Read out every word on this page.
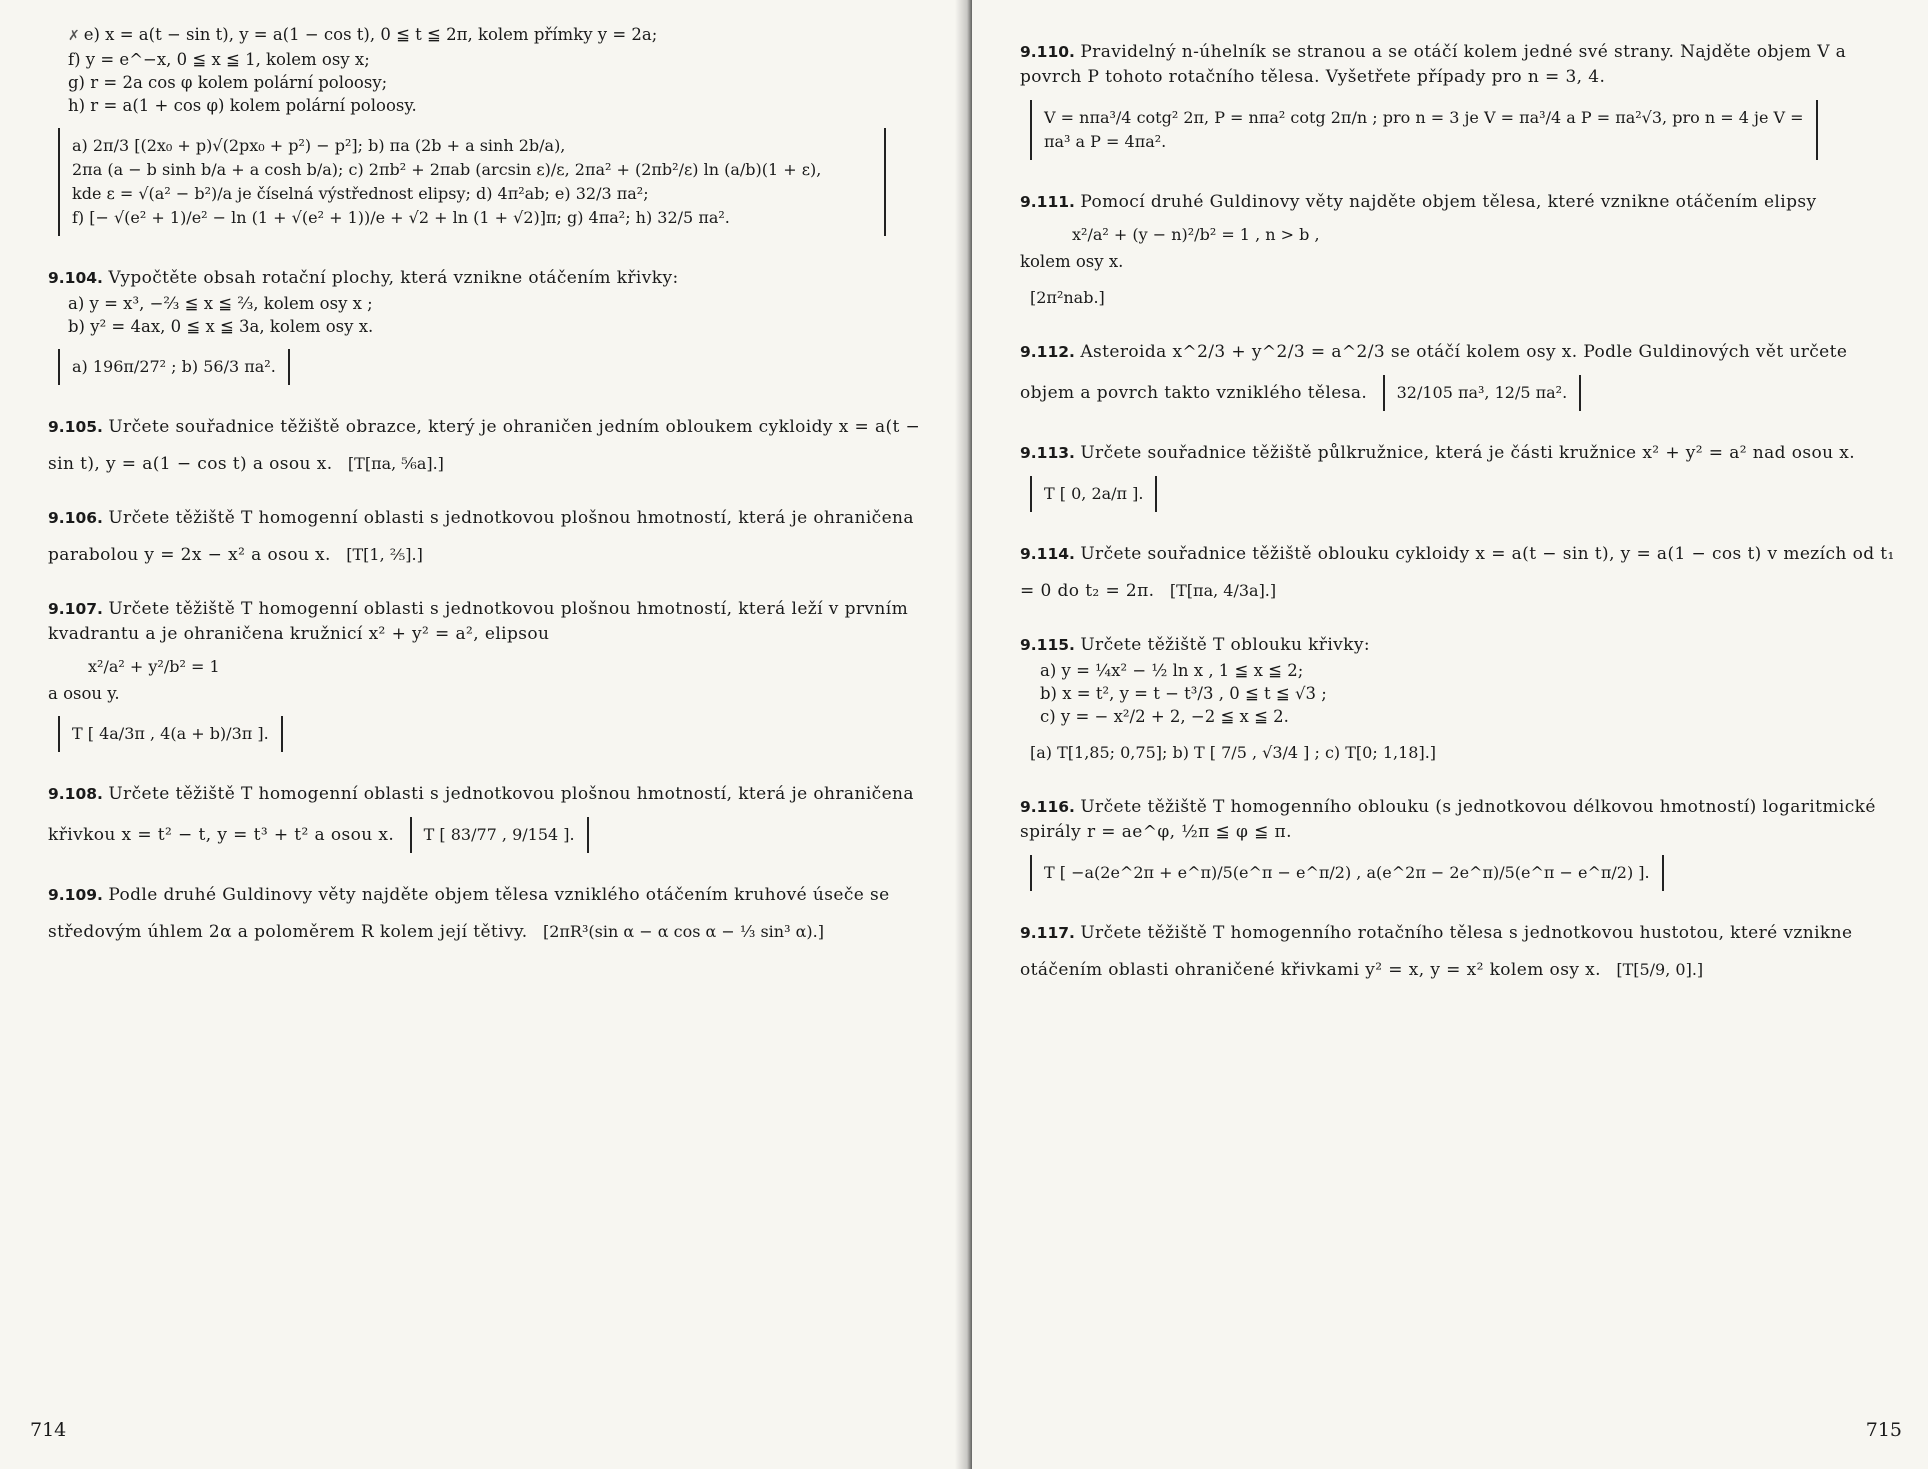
✗ e) x = a(t − sin t), y = a(1 − cos t), 0 ≦ t ≦ 2π, kolem přímky y = 2a;
f) y = e^−x, 0 ≦ x ≦ 1, kolem osy x;
g) r = 2a cos φ kolem polární poloosy;
h) r = a(1 + cos φ) kolem polární poloosy.
a) 2π/3 [(2x₀ + p)√(2px₀ + p²) − p²]; b) πa (2b + a sinh 2b/a),
2πa (a − b sinh b/a + a cosh b/a); c) 2πb² + 2πab (arcsin ε)/ε, 2πa² + (2πb²/ε) ln (a/b)(1 + ε),
kde ε = √(a² − b²)/a je číselná výstřednost elipsy; d) 4π²ab; e) 32/3 πa²;
f) [− √(e² + 1)/e² − ln (1 + √(e² + 1))/e + √2 + ln (1 + √2)]π; g) 4πa²; h) 32/5 πa².
9.104. Vypočtěte obsah rotační plochy, která vznikne otáčením křivky:
a) y = x³, −⅔ ≦ x ≦ ⅔, kolem osy x ;
b) y² = 4ax, 0 ≦ x ≦ 3a, kolem osy x.
a) 196π/27² ; b) 56/3 πa².
9.105. Určete souřadnice těžiště obrazce, který je ohraničen jedním obloukem cykloidy x = a(t − sin t), y = a(1 − cos t) a osou x. [T[πa, ⅚a].]
9.106. Určete těžiště T homogenní oblasti s jednotkovou plošnou hmotností, která je ohraničena parabolou y = 2x − x² a osou x. [T[1, ⅖].]
9.107. Určete těžiště T homogenní oblasti s jednotkovou plošnou hmotností, která leží v prvním kvadrantu a je ohraničena kružnicí x² + y² = a², elipsou
x²/a² + y²/b² = 1
a osou y.
T [ 4a/3π , 4(a + b)/3π ].
9.108. Určete těžiště T homogenní oblasti s jednotkovou plošnou hmotností, která je ohraničena křivkou x = t² − t, y = t³ + t² a osou x. T [ 83/77 , 9/154 ].
9.109. Podle druhé Guldinovy věty najděte objem tělesa vzniklého otáčením kruhové úseče se středovým úhlem 2α a poloměrem R kolem její tětivy. [2πR³(sin α − α cos α − ⅓ sin³ α).]
714
9.110. Pravidelný n-úhelník se stranou a se otáčí kolem jedné své strany. Najděte objem V a povrch P tohoto rotačního tělesa. Vyšetřete případy pro n = 3, 4. V = nπa³/4 cotg² 2π, P = nπa² cotg 2π/n ; pro n = 3 je V = πa³/4 a P = πa²√3, pro n = 4 je V = πa³ a P = 4πa².
9.111. Pomocí druhé Guldinovy věty najděte objem tělesa, které vznikne otáčením elipsy
x²/a² + (y − n)²/b² = 1 , n > b ,
kolem osy x.
[2π²nab.]
9.112. Asteroida x^2/3 + y^2/3 = a^2/3 se otáčí kolem osy x. Podle Guldinových vět určete objem a povrch takto vzniklého tělesa. 32/105 πa³, 12/5 πa².
9.113. Určete souřadnice těžiště půlkružnice, která je části kružnice x² + y² = a² nad osou x. T [ 0, 2a/π ].
9.114. Určete souřadnice těžiště oblouku cykloidy x = a(t − sin t), y = a(1 − cos t) v mezích od t₁ = 0 do t₂ = 2π. [T[πa, 4/3a].]
9.115. Určete těžiště T oblouku křivky:
a) y = ¼x² − ½ ln x , 1 ≦ x ≦ 2;
b) x = t², y = t − t³/3 , 0 ≦ t ≦ √3 ;
c) y = − x²/2 + 2, −2 ≦ x ≦ 2.
[a) T[1,85; 0,75]; b) T [ 7/5 , √3/4 ] ; c) T[0; 1,18].]
9.116. Určete těžiště T homogenního oblouku (s jednotkovou délkovou hmotností) logaritmické spirály r = ae^φ, ½π ≦ φ ≦ π. T [ −a(2e^2π + e^π)/5(e^π − e^π/2) , a(e^2π − 2e^π)/5(e^π − e^π/2) ].
9.117. Určete těžiště T homogenního rotačního tělesa s jednotkovou hustotou, které vznikne otáčením oblasti ohraničené křivkami y² = x, y = x² kolem osy x. [T[5/9, 0].]
715
